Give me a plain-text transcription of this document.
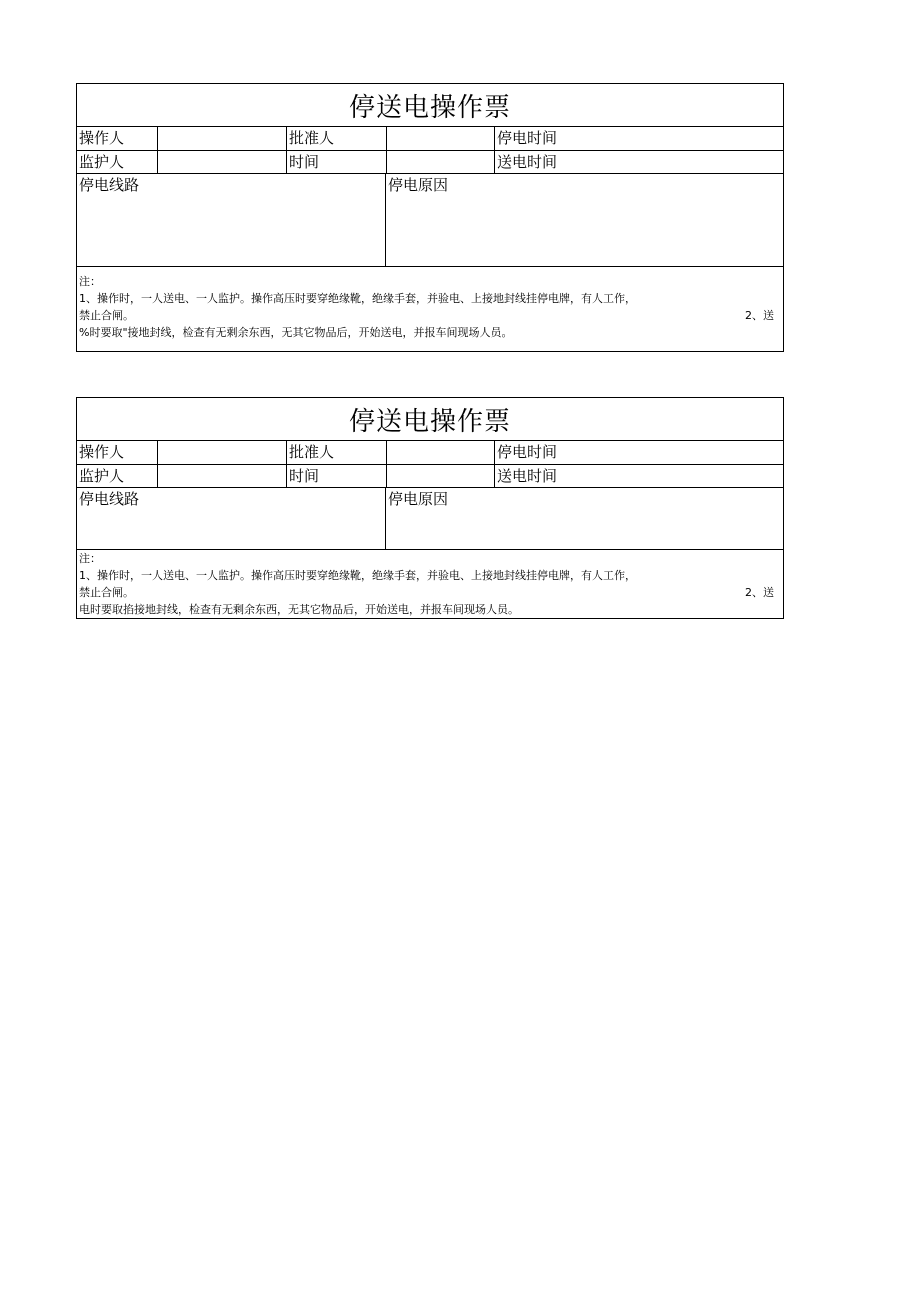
停送电操作票
操作人	批准人	停电时间
监护人	时间	送电时间
停电线路	停电原因
注：
1、操作时，一人送电、一人监护。操作高压时要穿绝缘靴，绝缘手套，并验电、上接地封线挂停电牌，有人工作，
禁止合闸。	2、送
%时要取"接地封线，检查有无剩余东西，无其它物品后，开始送电，并报车间现场人员。
停送电操作票
操作人	批准人	停电时间
监护人	时间	送电时间
停电线路	停电原因
注：
1、操作时，一人送电、一人监护。操作高压时要穿绝缘靴，绝缘手套，并验电、上接地封线挂停电牌，有人工作，
禁止合闸。	2、送
电时要取掐接地封线，检查有无剩余东西，无其它物品后，开始送电，并报车间现场人员。
